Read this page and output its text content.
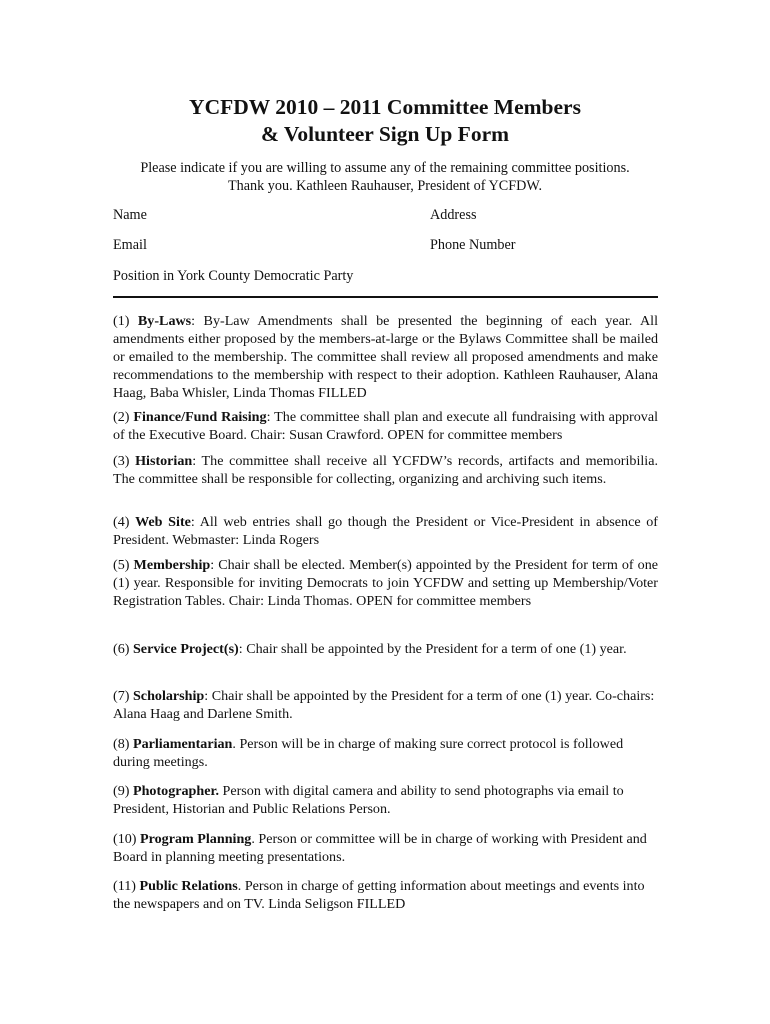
YCFDW 2010 – 2011 Committee Members
& Volunteer Sign Up Form
Please indicate if you are willing to assume any of the remaining committee positions.
Thank you. Kathleen Rauhauser, President of YCFDW.
Name	Address
Email	Phone Number
Position in York County Democratic Party
(1) By-Laws: By-Law Amendments shall be presented the beginning of each year. All amendments either proposed by the members-at-large or the Bylaws Committee shall be mailed or emailed to the membership. The committee shall review all proposed amendments and make recommendations to the membership with respect to their adoption. Kathleen Rauhauser, Alana Haag, Baba Whisler, Linda Thomas FILLED
(2) Finance/Fund Raising: The committee shall plan and execute all fundraising with approval of the Executive Board. Chair: Susan Crawford. OPEN for committee members
(3) Historian: The committee shall receive all YCFDW’s records, artifacts and memoribilia. The committee shall be responsible for collecting, organizing and archiving such items.
(4) Web Site: All web entries shall go though the President or Vice-President in absence of President. Webmaster: Linda Rogers
(5) Membership: Chair shall be elected. Member(s) appointed by the President for term of one (1) year. Responsible for inviting Democrats to join YCFDW and setting up Membership/Voter Registration Tables. Chair: Linda Thomas. OPEN for committee members
(6) Service Project(s): Chair shall be appointed by the President for a term of one (1) year.
(7) Scholarship: Chair shall be appointed by the President for a term of one (1) year. Co-chairs: Alana Haag and Darlene Smith.
(8) Parliamentarian. Person will be in charge of making sure correct protocol is followed during meetings.
(9) Photographer. Person with digital camera and ability to send photographs via email to President, Historian and Public Relations Person.
(10) Program Planning. Person or committee will be in charge of working with President and Board in planning meeting presentations.
(11) Public Relations. Person in charge of getting information about meetings and events into the newspapers and on TV. Linda Seligson FILLED
